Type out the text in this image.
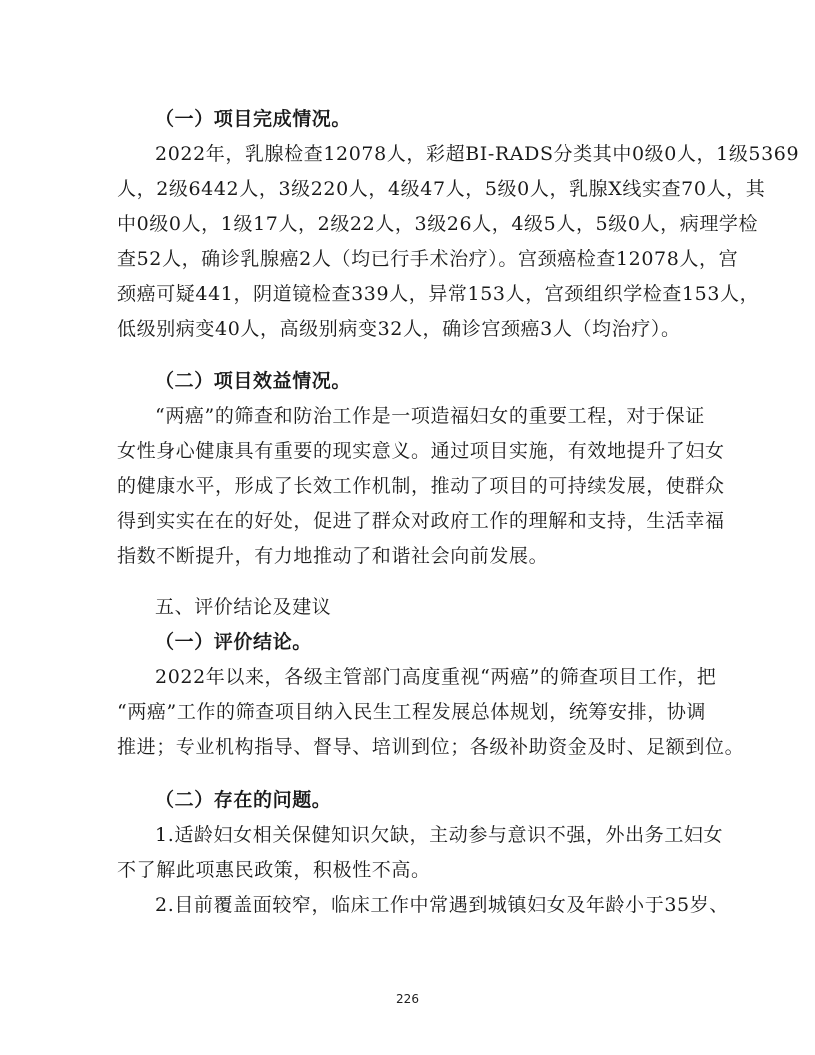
（一）项目完成情况。
2022年，乳腺检查12078人，彩超BI-RADS分类其中0级0人，1级5369
人，2级6442人，3级220人，4级47人，5级0人，乳腺X线实查70人，其
中0级0人，1级17人，2级22人，3级26人，4级5人，5级0人，病理学检
查52人，确诊乳腺癌2人（均已行手术治疗）。宫颈癌检查12078人，宫
颈癌可疑441，阴道镜检查339人，异常153人，宫颈组织学检查153人，
低级别病变40人，高级别病变32人，确诊宫颈癌3人（均治疗）。
（二）项目效益情况。
“两癌”的筛查和防治工作是一项造福妇女的重要工程，对于保证
女性身心健康具有重要的现实意义。通过项目实施，有效地提升了妇女
的健康水平，形成了长效工作机制，推动了项目的可持续发展，使群众
得到实实在在的好处，促进了群众对政府工作的理解和支持，生活幸福
指数不断提升，有力地推动了和谐社会向前发展。
五、评价结论及建议
（一）评价结论。
2022年以来，各级主管部门高度重视“两癌”的筛查项目工作，把
“两癌”工作的筛查项目纳入民生工程发展总体规划，统筹安排，协调
推进；专业机构指导、督导、培训到位；各级补助资金及时、足额到位。
（二）存在的问题。
1.适龄妇女相关保健知识欠缺，主动参与意识不强，外出务工妇女
不了解此项惠民政策，积极性不高。
2.目前覆盖面较窄，临床工作中常遇到城镇妇女及年龄小于35岁、
226
